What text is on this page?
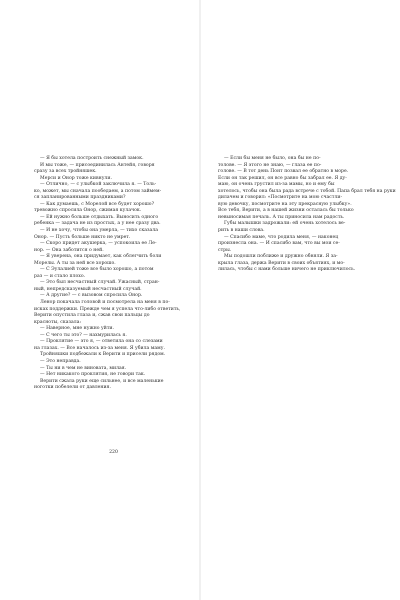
— Я бы хотела построить снежный замок.
И мы тоже, — присоединилась Антейя, говоря
сразу за всех тройняшек.
Мерси и Оноp тоже кивнули.
— Отлично, — с улыбкой заключила я. — Толь-
ко, может, мы сначала пообедаем, а потом займем-
ся запланированными праздниками?
— Как думаешь, с Морелой все будет хорошо?
тревожно спросила Онор, сжимая кулачок.
— Ей нужно больше отдыхать. Выносить одного
ребенка — задача не из простых, а у нее сразу два.
— И не хочу, чтобы она умерла, — тихо сказала
Онор. — Пусть больше никто не умрет.
— Скоро придет акушерка, — успокоила ее Ле-
нор. — Она заботится о ней.
— Я уверена, она придумает, как облегчить боли
Морелы. А ты за ней все хорошо.
— С Эулалией тоже все было хорошо, а потом
раз — и стало плохо.
— Это был несчастный случай. Ужасный, стран-
ный, непредсказуемый несчастный случай.
— А другие? — с вызовом спросила Онор.
Ленор покачала головой и посмотрела на меня в по-
исках поддержки. Прежде чем я успела что-либо ответить,
Верити опустила глаза и, сжав свои пальцы до
красноты, сказала:
— Наверное, мне нужно уйти.
— С чего ты это? — нахмурилась я.
— Проклятие — это я, — ответила она со слезами
на глазах. — Все началось из-за меня. Я убила маму.
Тройняшки подбежали к Верити и присели рядом.
— Это неправда.
— Ты ни в чем не виновата, милая.
— Нет никакого проклятия, не говори так.
Верити сжала руки еще сильнее, и все маленькие
ноготки побелели от давления.
220
— Если бы меня не было, она бы не по-
толове. — Я этого не знаю, — глаза ее по-
голове. — В тот день Понт позвал ее обратно в море.
Если он так решил, он все равно бы забрал ее. Я ду-
маю, он очень грустил из-за мамы, но и ему бы
хотелось, чтобы она была рада встрече с тобой. Папа брал тебя на руки
дилачем и говорил: «Посмотрите на мою счастли-
вую девочку, посмотрите на эту прекрасную улыбку».
Все тебя, Верити, а в нашей жизни осталась бы только
невыносимая печаль. А ты приносила нам радость.
Губы малышки задрожали: ей очень хотелось ве-
рить в наши слова.
— Спасибо маме, что родила меня, — наконец
произнесла она. — И спасибо вам, что вы мои се-
стры.
Мы подошли поближе и дружно обняли. Я за-
крыла глаза, держа Верити в своих объятиях, и мо-
лилась, чтобы с нами больше ничего не приключилось.
